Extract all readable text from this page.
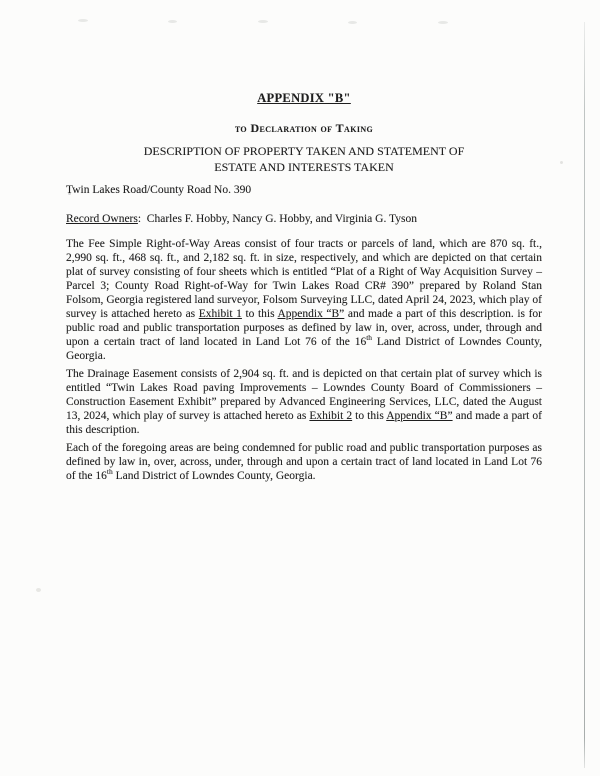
APPENDIX "B"
to Declaration of Taking
DESCRIPTION OF PROPERTY TAKEN AND STATEMENT OF
ESTATE AND INTERESTS TAKEN

Twin Lakes Road/County Road No. 390

Record Owners:  Charles F. Hobby, Nancy G. Hobby, and Virginia G. Tyson

The Fee Simple Right-of-Way Areas consist of four tracts or parcels of land, which are 870 sq. ft., 2,990 sq. ft., 468 sq. ft., and 2,182 sq. ft. in size, respectively, and which are depicted on that certain plat of survey consisting of four sheets which is entitled “Plat of a Right of Way Acquisition Survey – Parcel 3; County Road Right-of-Way for Twin Lakes Road CR# 390” prepared by Roland Stan Folsom, Georgia registered land surveyor, Folsom Surveying LLC, dated April 24, 2023, which play of survey is attached hereto as Exhibit 1 to this Appendix “B” and made a part of this description. is for public road and public transportation purposes as defined by law in, over, across, under, through and upon a certain tract of land located in Land Lot 76 of the 16th Land District of Lowndes County, Georgia.

The Drainage Easement consists of 2,904 sq. ft. and is depicted on that certain plat of survey which is entitled “Twin Lakes Road paving Improvements – Lowndes County Board of Commissioners – Construction Easement Exhibit” prepared by Advanced Engineering Services, LLC, dated the August 13, 2024, which play of survey is attached hereto as Exhibit 2 to this Appendix “B” and made a part of this description.

Each of the foregoing areas are being condemned for public road and public transportation purposes as defined by law in, over, across, under, through and upon a certain tract of land located in Land Lot 76 of the 16th Land District of Lowndes County, Georgia.
